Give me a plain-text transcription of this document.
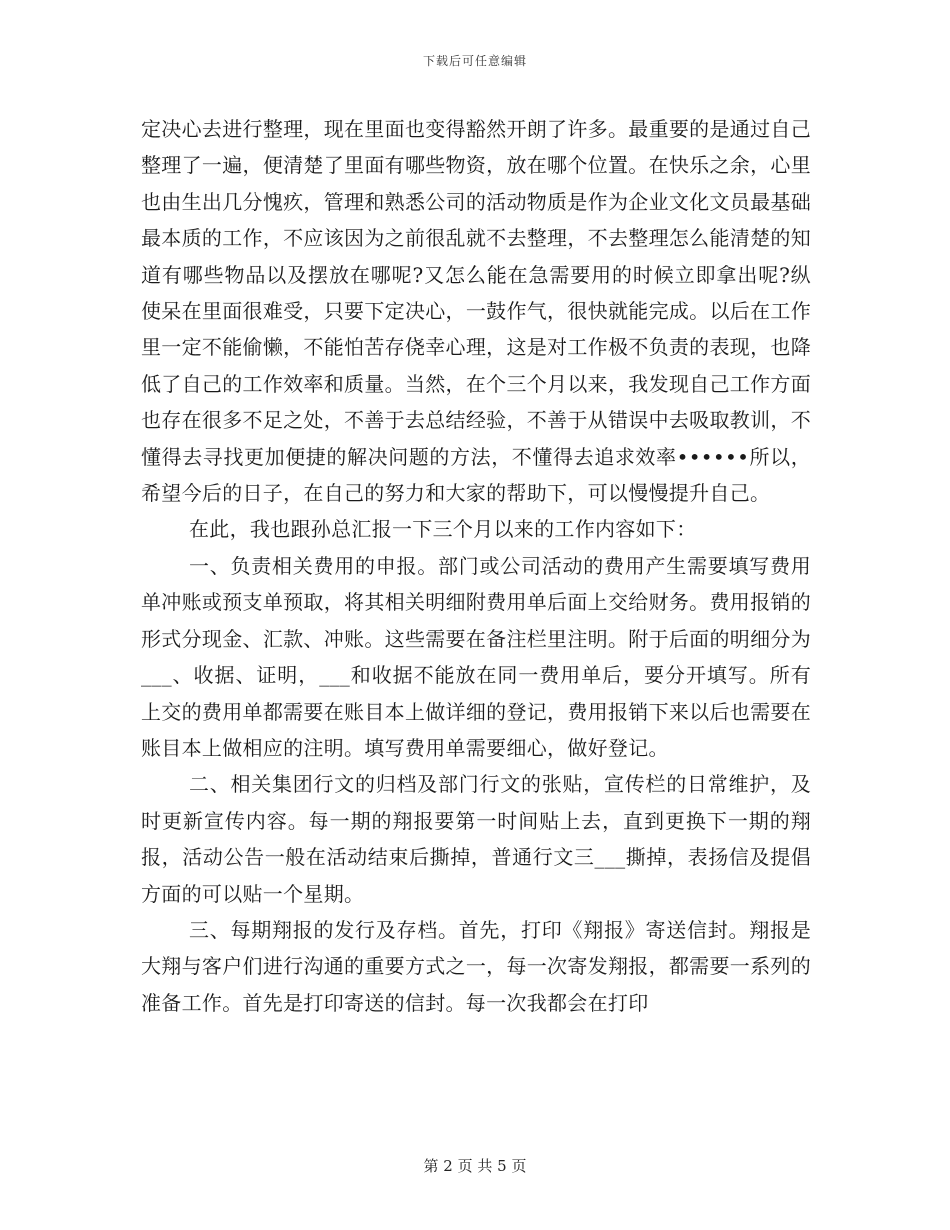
下载后可任意编辑

定决心去进行整理，现在里面也变得豁然开朗了许多。最重要的是通过自己整理了一遍，便清楚了里面有哪些物资，放在哪个位置。在快乐之余，心里也由生出几分愧疚，管理和熟悉公司的活动物质是作为企业文化文员最基础最本质的工作，不应该因为之前很乱就不去整理，不去整理怎么能清楚的知道有哪些物品以及摆放在哪呢?又怎么能在急需要用的时候立即拿出呢?纵使呆在里面很难受，只要下定决心，一鼓作气，很快就能完成。以后在工作里一定不能偷懒，不能怕苦存侥幸心理，这是对工作极不负责的表现，也降低了自己的工作效率和质量。当然，在个三个月以来，我发现自己工作方面也存在很多不足之处，不善于去总结经验，不善于从错误中去吸取教训，不懂得去寻找更加便捷的解决问题的方法，不懂得去追求效率••••••所以，希望今后的日子，在自己的努力和大家的帮助下，可以慢慢提升自己。

在此，我也跟孙总汇报一下三个月以来的工作内容如下：

一、负责相关费用的申报。部门或公司活动的费用产生需要填写费用单冲账或预支单预取，将其相关明细附费用单后面上交给财务。费用报销的形式分现金、汇款、冲账。这些需要在备注栏里注明。附于后面的明细分为___、收据、证明，___和收据不能放在同一费用单后，要分开填写。所有上交的费用单都需要在账目本上做详细的登记，费用报销下来以后也需要在账目本上做相应的注明。填写费用单需要细心，做好登记。

二、相关集团行文的归档及部门行文的张贴，宣传栏的日常维护，及时更新宣传内容。每一期的翔报要第一时间贴上去，直到更换下一期的翔报，活动公告一般在活动结束后撕掉，普通行文三___撕掉，表扬信及提倡方面的可以贴一个星期。

三、每期翔报的发行及存档。首先，打印《翔报》寄送信封。翔报是大翔与客户们进行沟通的重要方式之一，每一次寄发翔报，都需要一系列的准备工作。首先是打印寄送的信封。每一次我都会在打印

第 2 页 共 5 页
